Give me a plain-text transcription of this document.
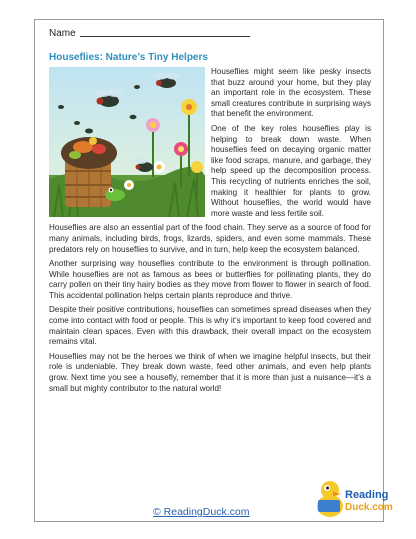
Name
Houseflies: Nature’s Tiny Helpers

Houseflies might seem like pesky insects that buzz around your home, but they play an important role in the ecosystem. These small creatures contribute in surprising ways that benefit the environment.

One of the key roles houseflies play is helping to break down waste. When houseflies feed on decaying organic matter like food scraps, manure, and garbage, they help speed up the decomposition process. This recycling of nutrients enriches the soil, making it healthier for plants to grow. Without houseflies, the world would have more waste and less fertile soil.

Houseflies are also an essential part of the food chain. They serve as a source of food for many animals, including birds, frogs, lizards, spiders, and even some mammals. These predators rely on houseflies to survive, and in turn, help keep the ecosystem balanced.

Another surprising way houseflies contribute to the environment is through pollination. While houseflies are not as famous as bees or butterflies for pollinating plants, they do carry pollen on their tiny hairy bodies as they move from flower to flower in search of food. This accidental pollination helps certain plants reproduce and thrive.

Despite their positive contributions, houseflies can sometimes spread diseases when they come into contact with food or people. This is why it’s important to keep food covered and maintain clean spaces. Even with this drawback, their overall impact on the ecosystem remains vital.

Houseflies may not be the heroes we think of when we imagine helpful insects, but their role is undeniable. They break down waste, feed other animals, and even help plants grow. Next time you see a housefly, remember that it is more than just a nuisance—it’s a small but mighty contributor to the natural world!

© ReadingDuck.com
Reading
Duck.com
